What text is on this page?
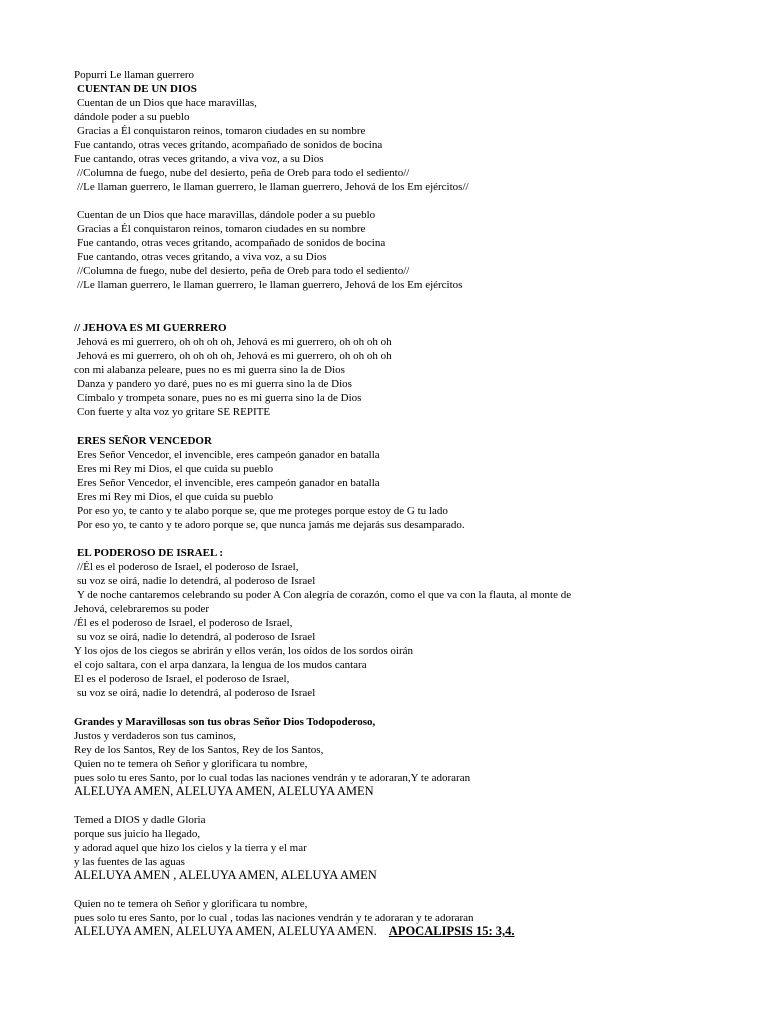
Popurri Le llaman guerrero
CUENTAN DE UN DIOS
Cuentan de un Dios que hace maravillas,
dándole poder a su pueblo
Gracias a Él conquistaron reinos, tomaron ciudades en su nombre
Fue cantando, otras veces gritando, acompañado de sonidos de bocina
Fue cantando, otras veces gritando, a viva voz, a su Dios
//Columna de fuego, nube del desierto, peña de Oreb para todo el sediento//
//Le llaman guerrero, le llaman guerrero, le llaman guerrero, Jehová de los Em ejércitos//
Cuentan de un Dios que hace maravillas, dándole poder a su pueblo
Gracias a Él conquistaron reinos, tomaron ciudades en su nombre
Fue cantando, otras veces gritando, acompañado de sonidos de bocina
Fue cantando, otras veces gritando, a viva voz, a su Dios
//Columna de fuego, nube del desierto, peña de Oreb para todo el sediento//
//Le llaman guerrero, le llaman guerrero, le llaman guerrero, Jehová de los Em ejércitos
// JEHOVA ES MI GUERRERO
Jehová es mi guerrero, oh oh oh oh, Jehová es mi guerrero, oh oh oh oh
Jehová es mi guerrero, oh oh oh oh, Jehová es mi guerrero, oh oh oh oh
con mi alabanza peleare, pues no es mi guerra sino la de Dios
Danza y pandero yo daré, pues no es mi guerra sino la de Dios
Címbalo y trompeta sonare, pues no es mi guerra sino la de Dios
Con fuerte y alta voz yo gritare SE REPITE
ERES SEÑOR VENCEDOR
Eres Señor Vencedor, el invencible, eres campeón ganador en batalla
Eres mi Rey mi Dios, el que cuida su pueblo
Eres Señor Vencedor, el invencible, eres campeón ganador en batalla
Eres mi Rey mi Dios, el que cuida su pueblo
Por eso yo, te canto y te alabo porque se, que me proteges porque estoy de G tu lado
Por eso yo, te canto y te adoro porque se, que nunca jamás me dejarás sus desamparado.
EL PODEROSO DE ISRAEL :
//Él es el poderoso de Israel, el poderoso de Israel,
su voz se oirá, nadie lo detendrá, al poderoso de Israel
Y de noche cantaremos celebrando su poder A Con alegría de corazón, como el que va con la flauta, al monte de
Jehová, celebraremos su poder
/Él es el poderoso de Israel, el poderoso de Israel,
su voz se oirá, nadie lo detendrá, al poderoso de Israel
Y los ojos de los ciegos se abrirán y ellos verán, los oídos de los sordos oirán
el cojo saltara, con el arpa danzara, la lengua de los mudos cantara
El es el poderoso de Israel, el poderoso de Israel,
su voz se oirá, nadie lo detendrá, al poderoso de Israel
Grandes y Maravillosas son tus obras Señor Dios Todopoderoso,
Justos y verdaderos son tus caminos,
Rey de los Santos, Rey de los Santos, Rey de los Santos,
Quien no te temera oh Señor y glorificara tu nombre,
pues solo tu eres Santo, por lo cual todas las naciones vendrán y te adoraran,Y te adoraran
ALELUYA AMEN, ALELUYA AMEN, ALELUYA AMEN
Temed a DIOS y dadle Gloria
porque sus juicio ha llegado,
y adorad aquel que hizo los cielos y la tierra y el mar
y las fuentes de las aguas
ALELUYA AMEN , ALELUYA AMEN, ALELUYA AMEN
Quien no te temera oh Señor y glorificara tu nombre,
pues solo tu eres Santo, por lo cual , todas las naciones vendrán y te adoraran y te adoraran
ALELUYA AMEN, ALELUYA AMEN, ALELUYA AMEN. APOCALIPSIS 15: 3,4.
